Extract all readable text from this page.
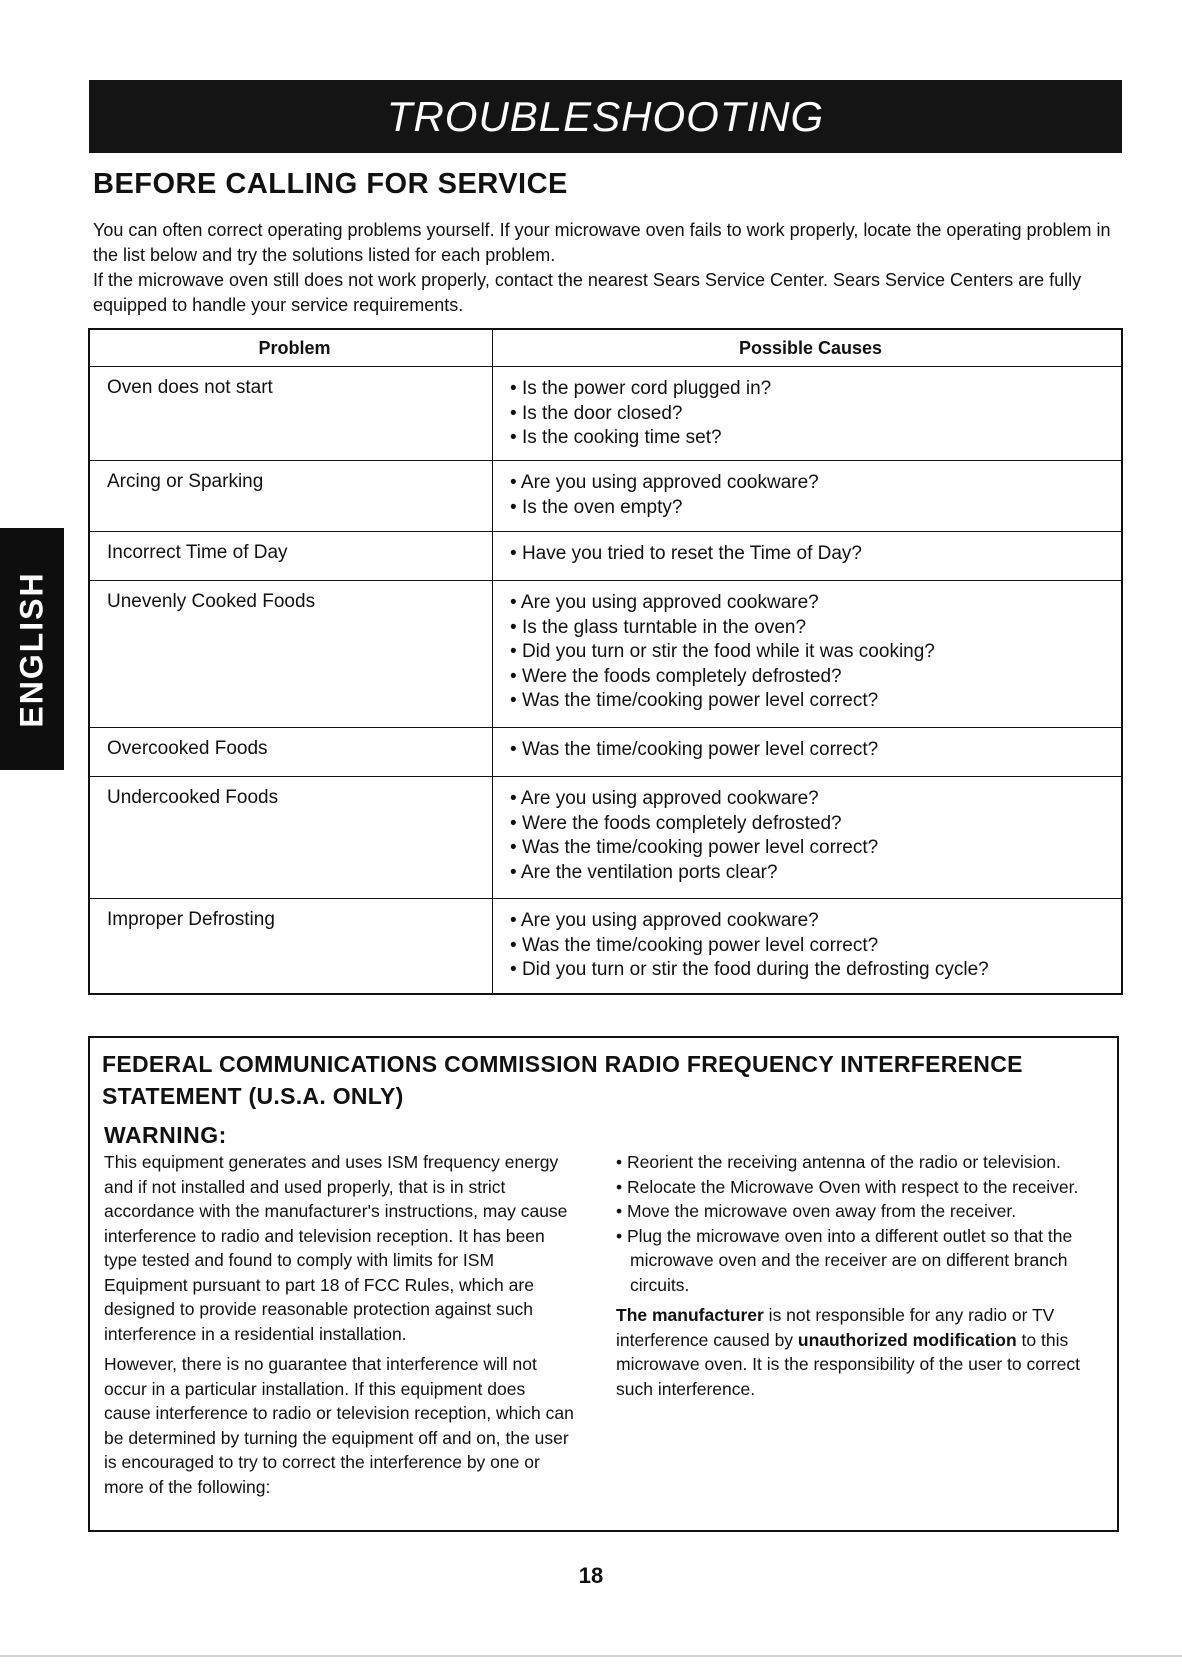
TROUBLESHOOTING
BEFORE CALLING FOR SERVICE

You can often correct operating problems yourself. If your microwave oven fails to work properly, locate the operating problem in the list below and try the solutions listed for each problem.

If the microwave oven still does not work properly, contact the nearest Sears Service Center. Sears Service Centers are fully equipped to handle your service requirements.

ENGLISH
Problem	Possible Causes
Oven does not start	• Is the power cord plugged in?
• Is the door closed?
• Is the cooking time set?
Arcing or Sparking	• Are you using approved cookware?
• Is the oven empty?
Incorrect Time of Day	• Have you tried to reset the Time of Day?
Unevenly Cooked Foods	• Are you using approved cookware?
• Is the glass turntable in the oven?
• Did you turn or stir the food while it was cooking?
• Were the foods completely defrosted?
• Was the time/cooking power level correct?
Overcooked Foods	• Was the time/cooking power level correct?
Undercooked Foods	• Are you using approved cookware?
• Were the foods completely defrosted?
• Was the time/cooking power level correct?
• Are the ventilation ports clear?
Improper Defrosting	• Are you using approved cookware?
• Was the time/cooking power level correct?
• Did you turn or stir the food during the defrosting cycle?
FEDERAL COMMUNICATIONS COMMISSION RADIO FREQUENCY INTERFERENCE STATEMENT (U.S.A. ONLY)
WARNING:

This equipment generates and uses ISM frequency energy and if not installed and used properly, that is in strict accordance with the manufacturer's instructions, may cause interference to radio and television reception. It has been type tested and found to comply with limits for ISM Equipment pursuant to part 18 of FCC Rules, which are designed to provide reasonable protection against such interference in a residential installation.

However, there is no guarantee that interference will not occur in a particular installation. If this equipment does cause interference to radio or television reception, which can be determined by turning the equipment off and on, the user is encouraged to try to correct the interference by one or more of the following:

• Reorient the receiving antenna of the radio or television.
• Relocate the Microwave Oven with respect to the receiver.
• Move the microwave oven away from the receiver.
• Plug the microwave oven into a different outlet so that the microwave oven and the receiver are on different branch circuits.

The manufacturer is not responsible for any radio or TV interference caused by unauthorized modification to this microwave oven. It is the responsibility of the user to correct such interference.

18
